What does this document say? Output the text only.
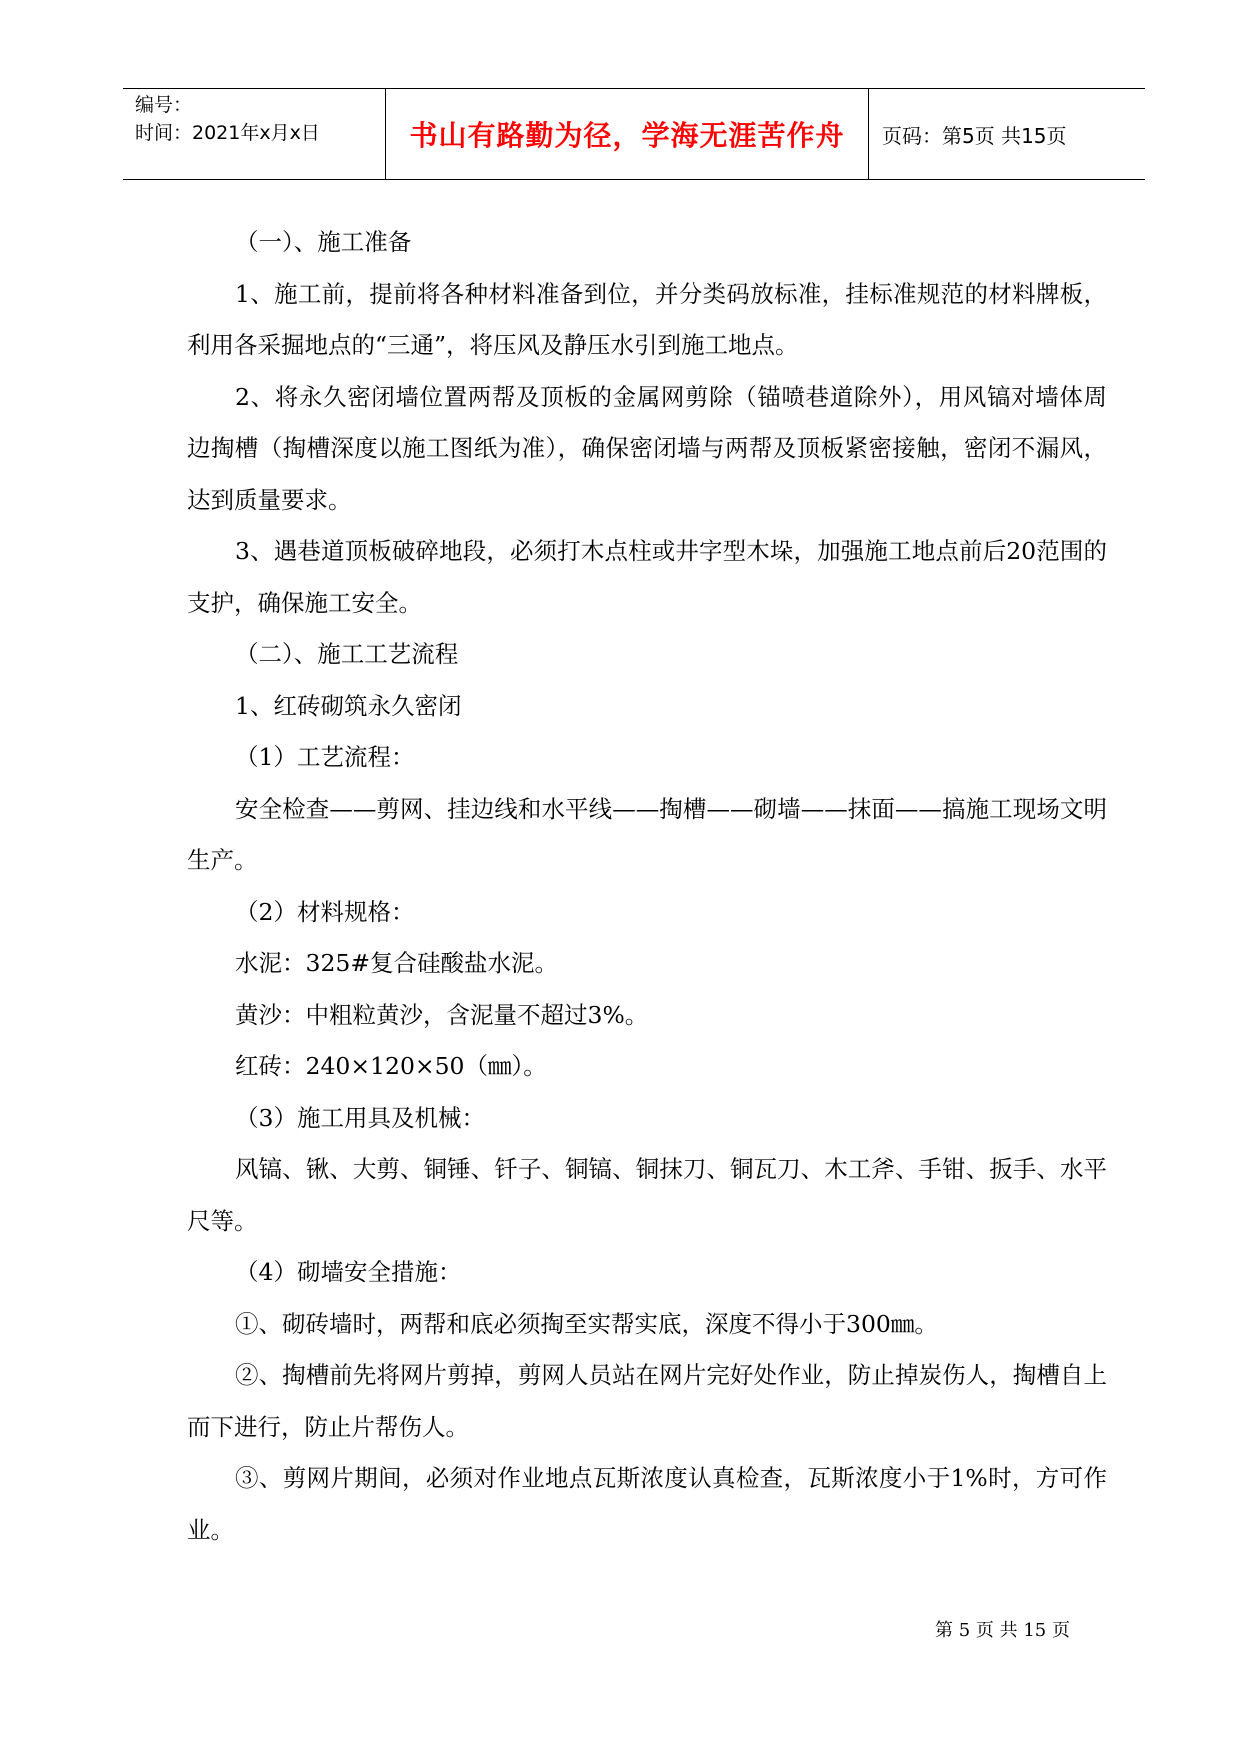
编号：
时间：2021年x月x日	书山有路勤为径，学海无涯苦作舟	页码：第5页 共15页

（一）、施工准备

1、施工前，提前将各种材料准备到位，并分类码放标准，挂标准规范的材料牌板，利用各采掘地点的“三通”，将压风及静压水引到施工地点。

2、将永久密闭墙位置两帮及顶板的金属网剪除（锚喷巷道除外），用风镐对墙体周边掏槽（掏槽深度以施工图纸为准），确保密闭墙与两帮及顶板紧密接触，密闭不漏风，达到质量要求。

3、遇巷道顶板破碎地段，必须打木点柱或井字型木垛，加强施工地点前后20范围的支护，确保施工安全。

（二）、施工工艺流程

1、红砖砌筑永久密闭

（1）工艺流程：

安全检查——剪网、挂边线和水平线——掏槽——砌墙——抹面——搞施工现场文明生产。

（2）材料规格：

水泥：325#复合硅酸盐水泥。

黄沙：中粗粒黄沙，含泥量不超过3%。

红砖：240×120×50（㎜）。

（3）施工用具及机械：

风镐、锹、大剪、铜锤、钎子、铜镐、铜抹刀、铜瓦刀、木工斧、手钳、扳手、水平尺等。

（4）砌墙安全措施：

①、砌砖墙时，两帮和底必须掏至实帮实底，深度不得小于300㎜。

②、掏槽前先将网片剪掉，剪网人员站在网片完好处作业，防止掉炭伤人，掏槽自上而下进行，防止片帮伤人。

③、剪网片期间，必须对作业地点瓦斯浓度认真检查，瓦斯浓度小于1%时，方可作业。

第 5 页 共 15 页
